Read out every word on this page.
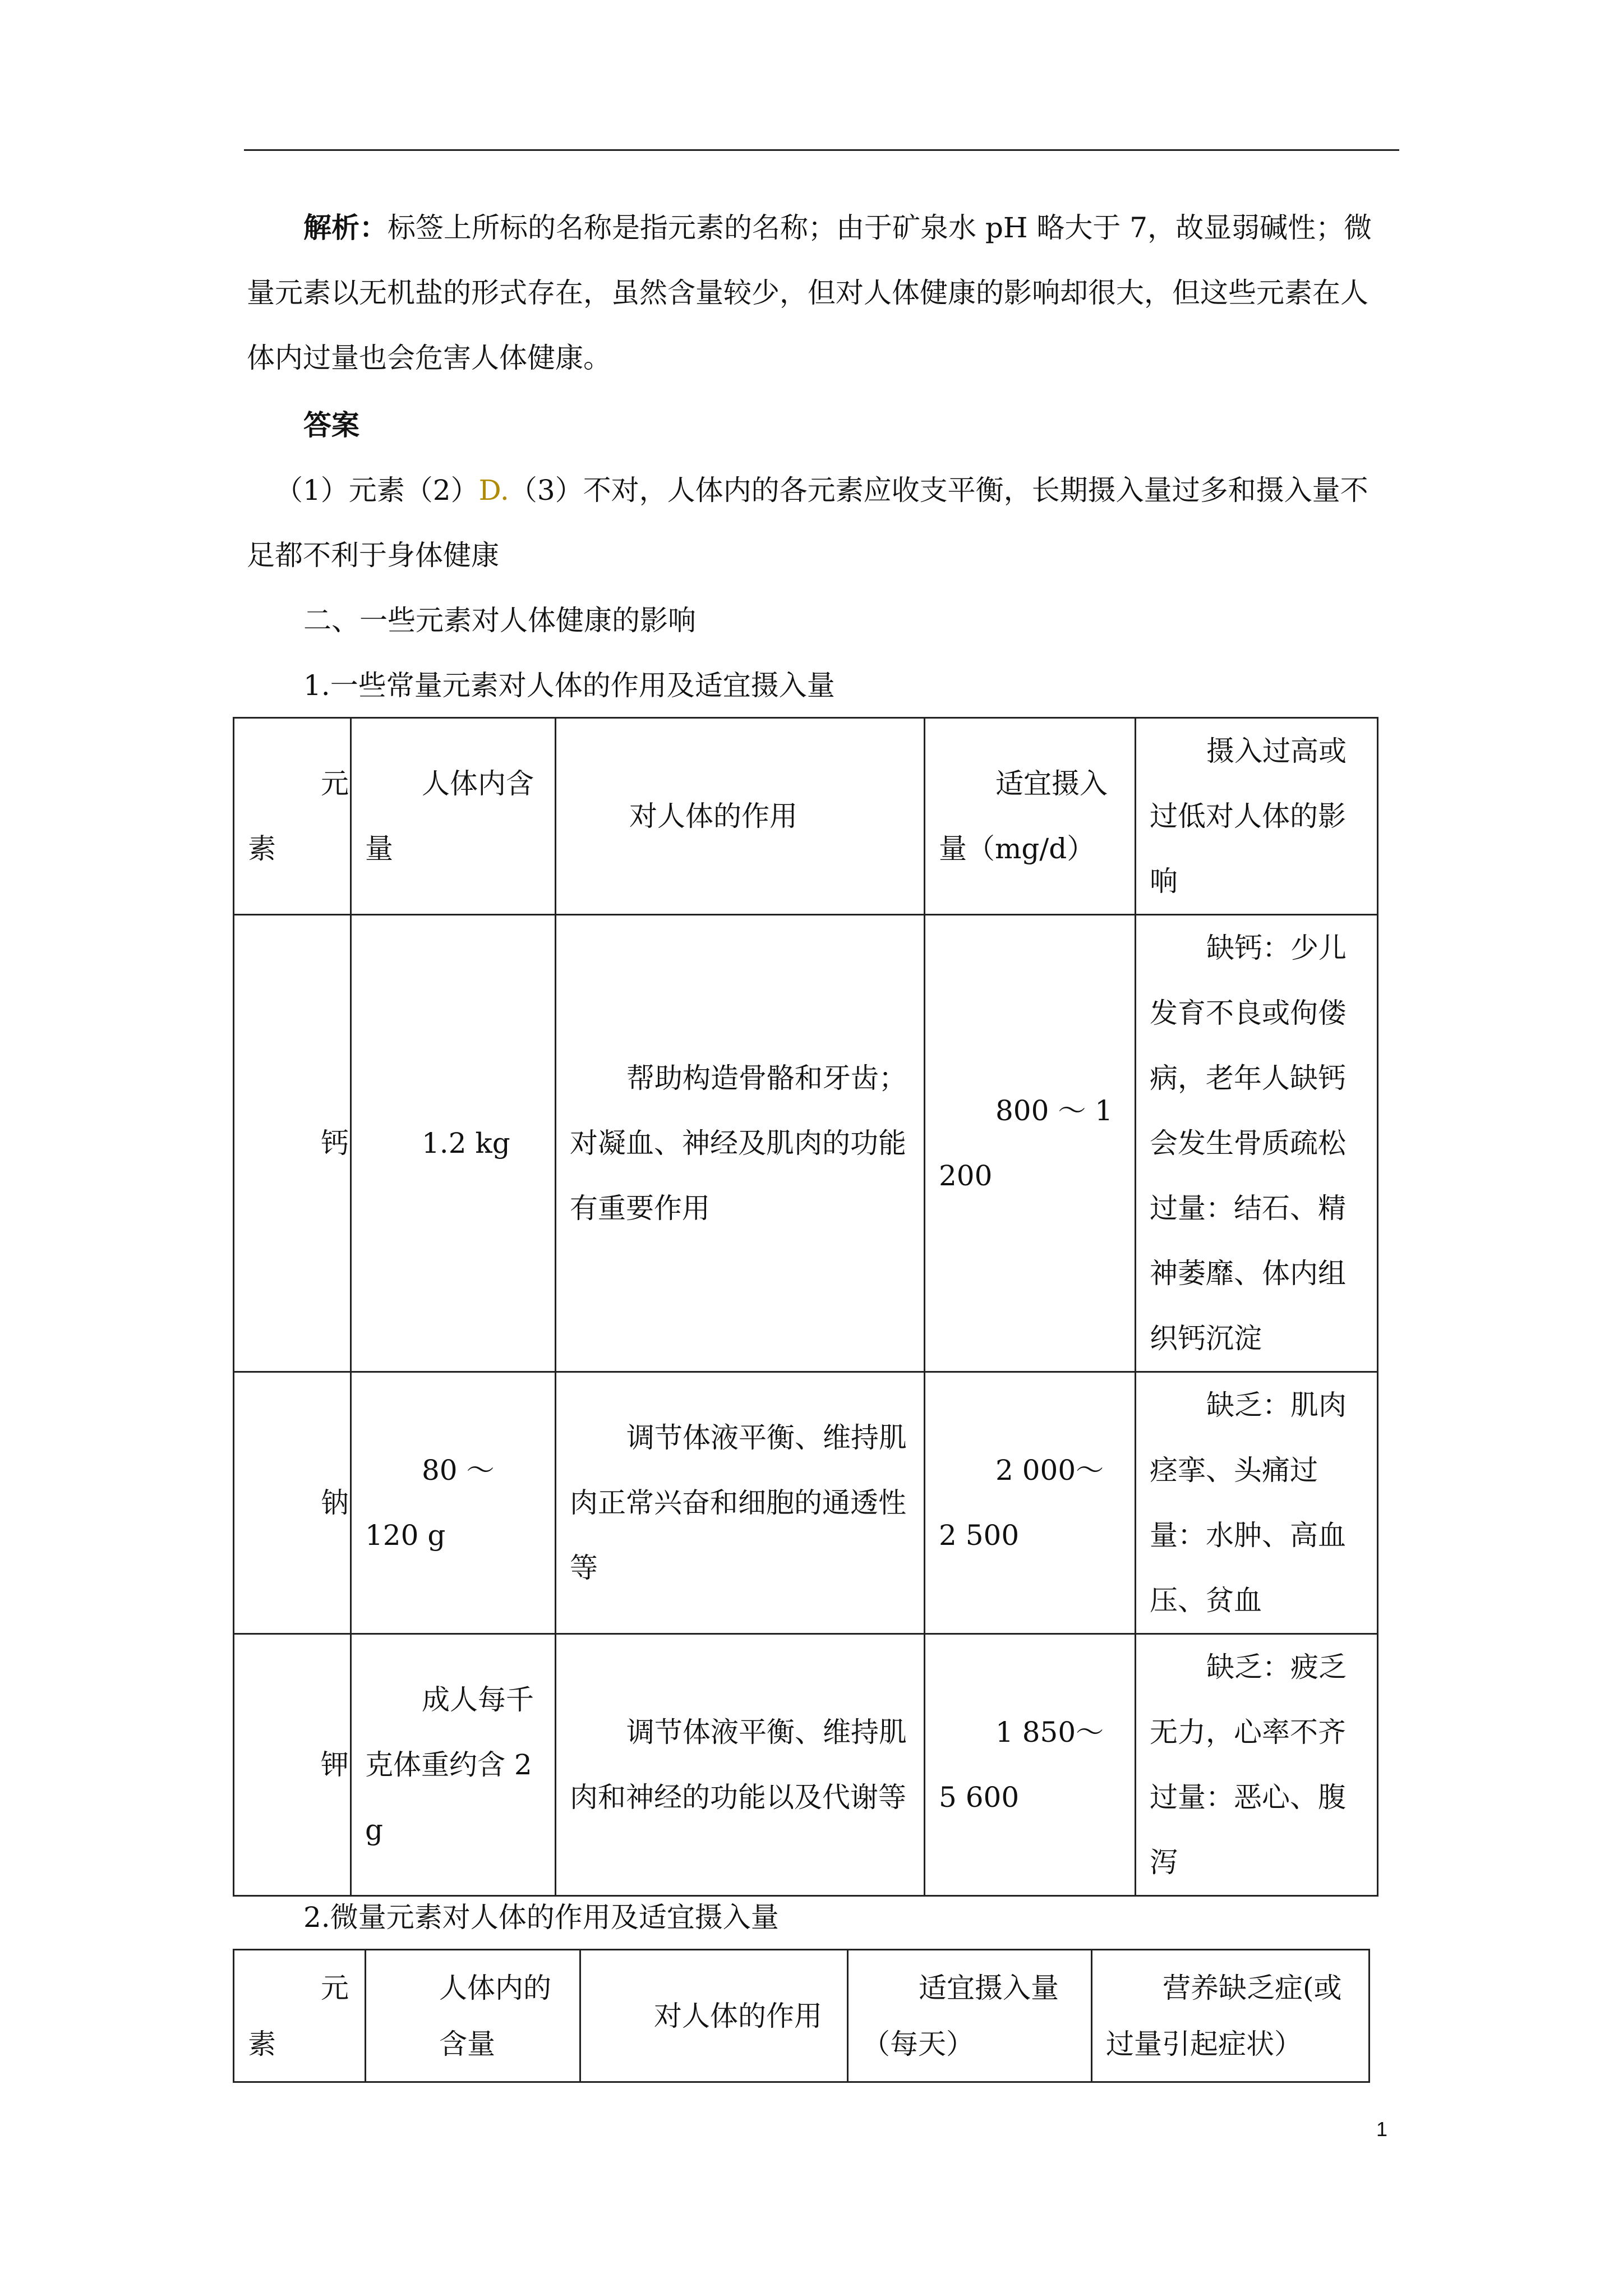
解析：标签上所标的名称是指元素的名称；由于矿泉水 pH 略大于 7，故显弱碱性；微量元素以无机盐的形式存在，虽然含量较少，但对人体健康的影响却很大，但这些元素在人体内过量也会危害人体健康。

答案

（1）元素（2）D.（3）不对，人体内的各元素应收支平衡，长期摄入量过多和摄入量不足都不利于身体健康

二、一些元素对人体健康的影响

1.一些常量元素对人体的作用及适宜摄入量

元素	人体内含量	对人体的作用	适宜摄入量（mg/d）	摄入过高或过低对人体的影响
钙	1.2 kg	帮助构造骨骼和牙齿；对凝血、神经及肌肉的功能有重要作用	800 ～ 1 200	缺钙：少儿发育不良或佝偻病，老年人缺钙会发生骨质疏松过量：结石、精神萎靡、体内组织钙沉淀
钠	80 ～ 120 g	调节体液平衡、维持肌肉正常兴奋和细胞的通透性等	2 000～2 500	缺乏：肌肉痉挛、头痛过量：水肿、高血压、贫血
钾	成人每千克体重约含 2 g	调节体液平衡、维持肌肉和神经的功能以及代谢等	1 850～5 600	缺乏：疲乏无力，心率不齐过量：恶心、腹泻

2.微量元素对人体的作用及适宜摄入量

元素	人体内的含量	对人体的作用	适宜摄入量（每天）	营养缺乏症(或过量引起症状）
1
